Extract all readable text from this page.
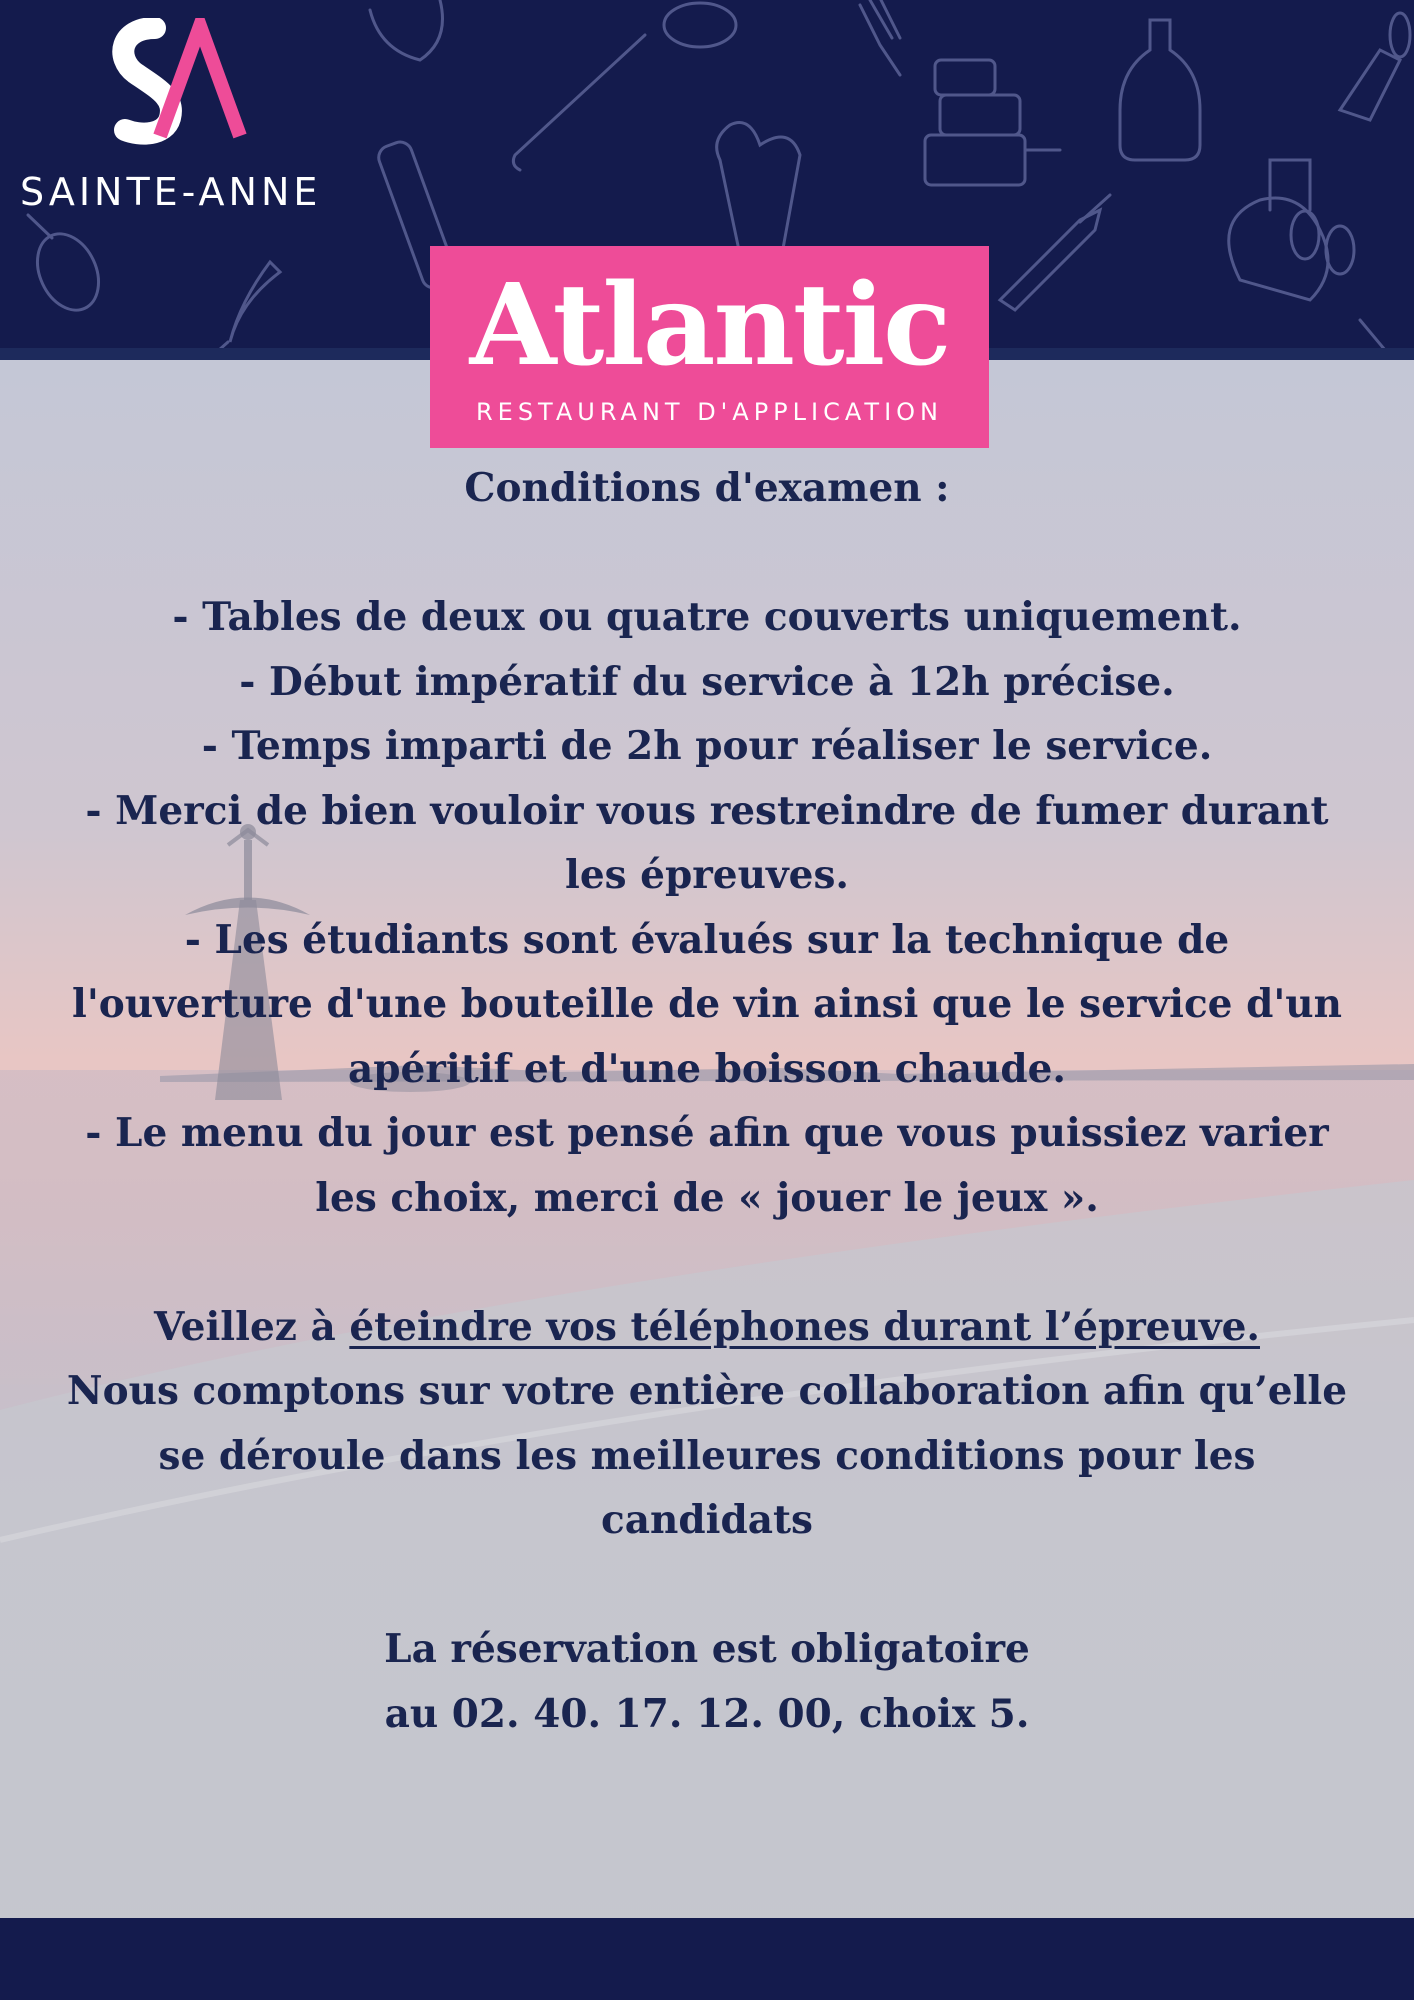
SAINTE-ANNE
Atlantic
RESTAURANT D'APPLICATION

Conditions d'examen :

- Tables de deux ou quatre couverts uniquement.

- Début impératif du service à 12h précise.

- Temps imparti de 2h pour réaliser le service.

- Merci de bien vouloir vous restreindre de fumer durant les épreuves.

- Les étudiants sont évalués sur la technique de l'ouverture d'une bouteille de vin ainsi que le service d'un apéritif et d'une boisson chaude.

- Le menu du jour est pensé afin que vous puissiez varier les choix, merci de « jouer le jeux ».

Veillez à éteindre vos téléphones durant l’épreuve.

Nous comptons sur votre entière collaboration afin qu’elle se déroule dans les meilleures conditions pour les candidats

La réservation est obligatoire

au 02. 40. 17. 12. 00, choix 5.
